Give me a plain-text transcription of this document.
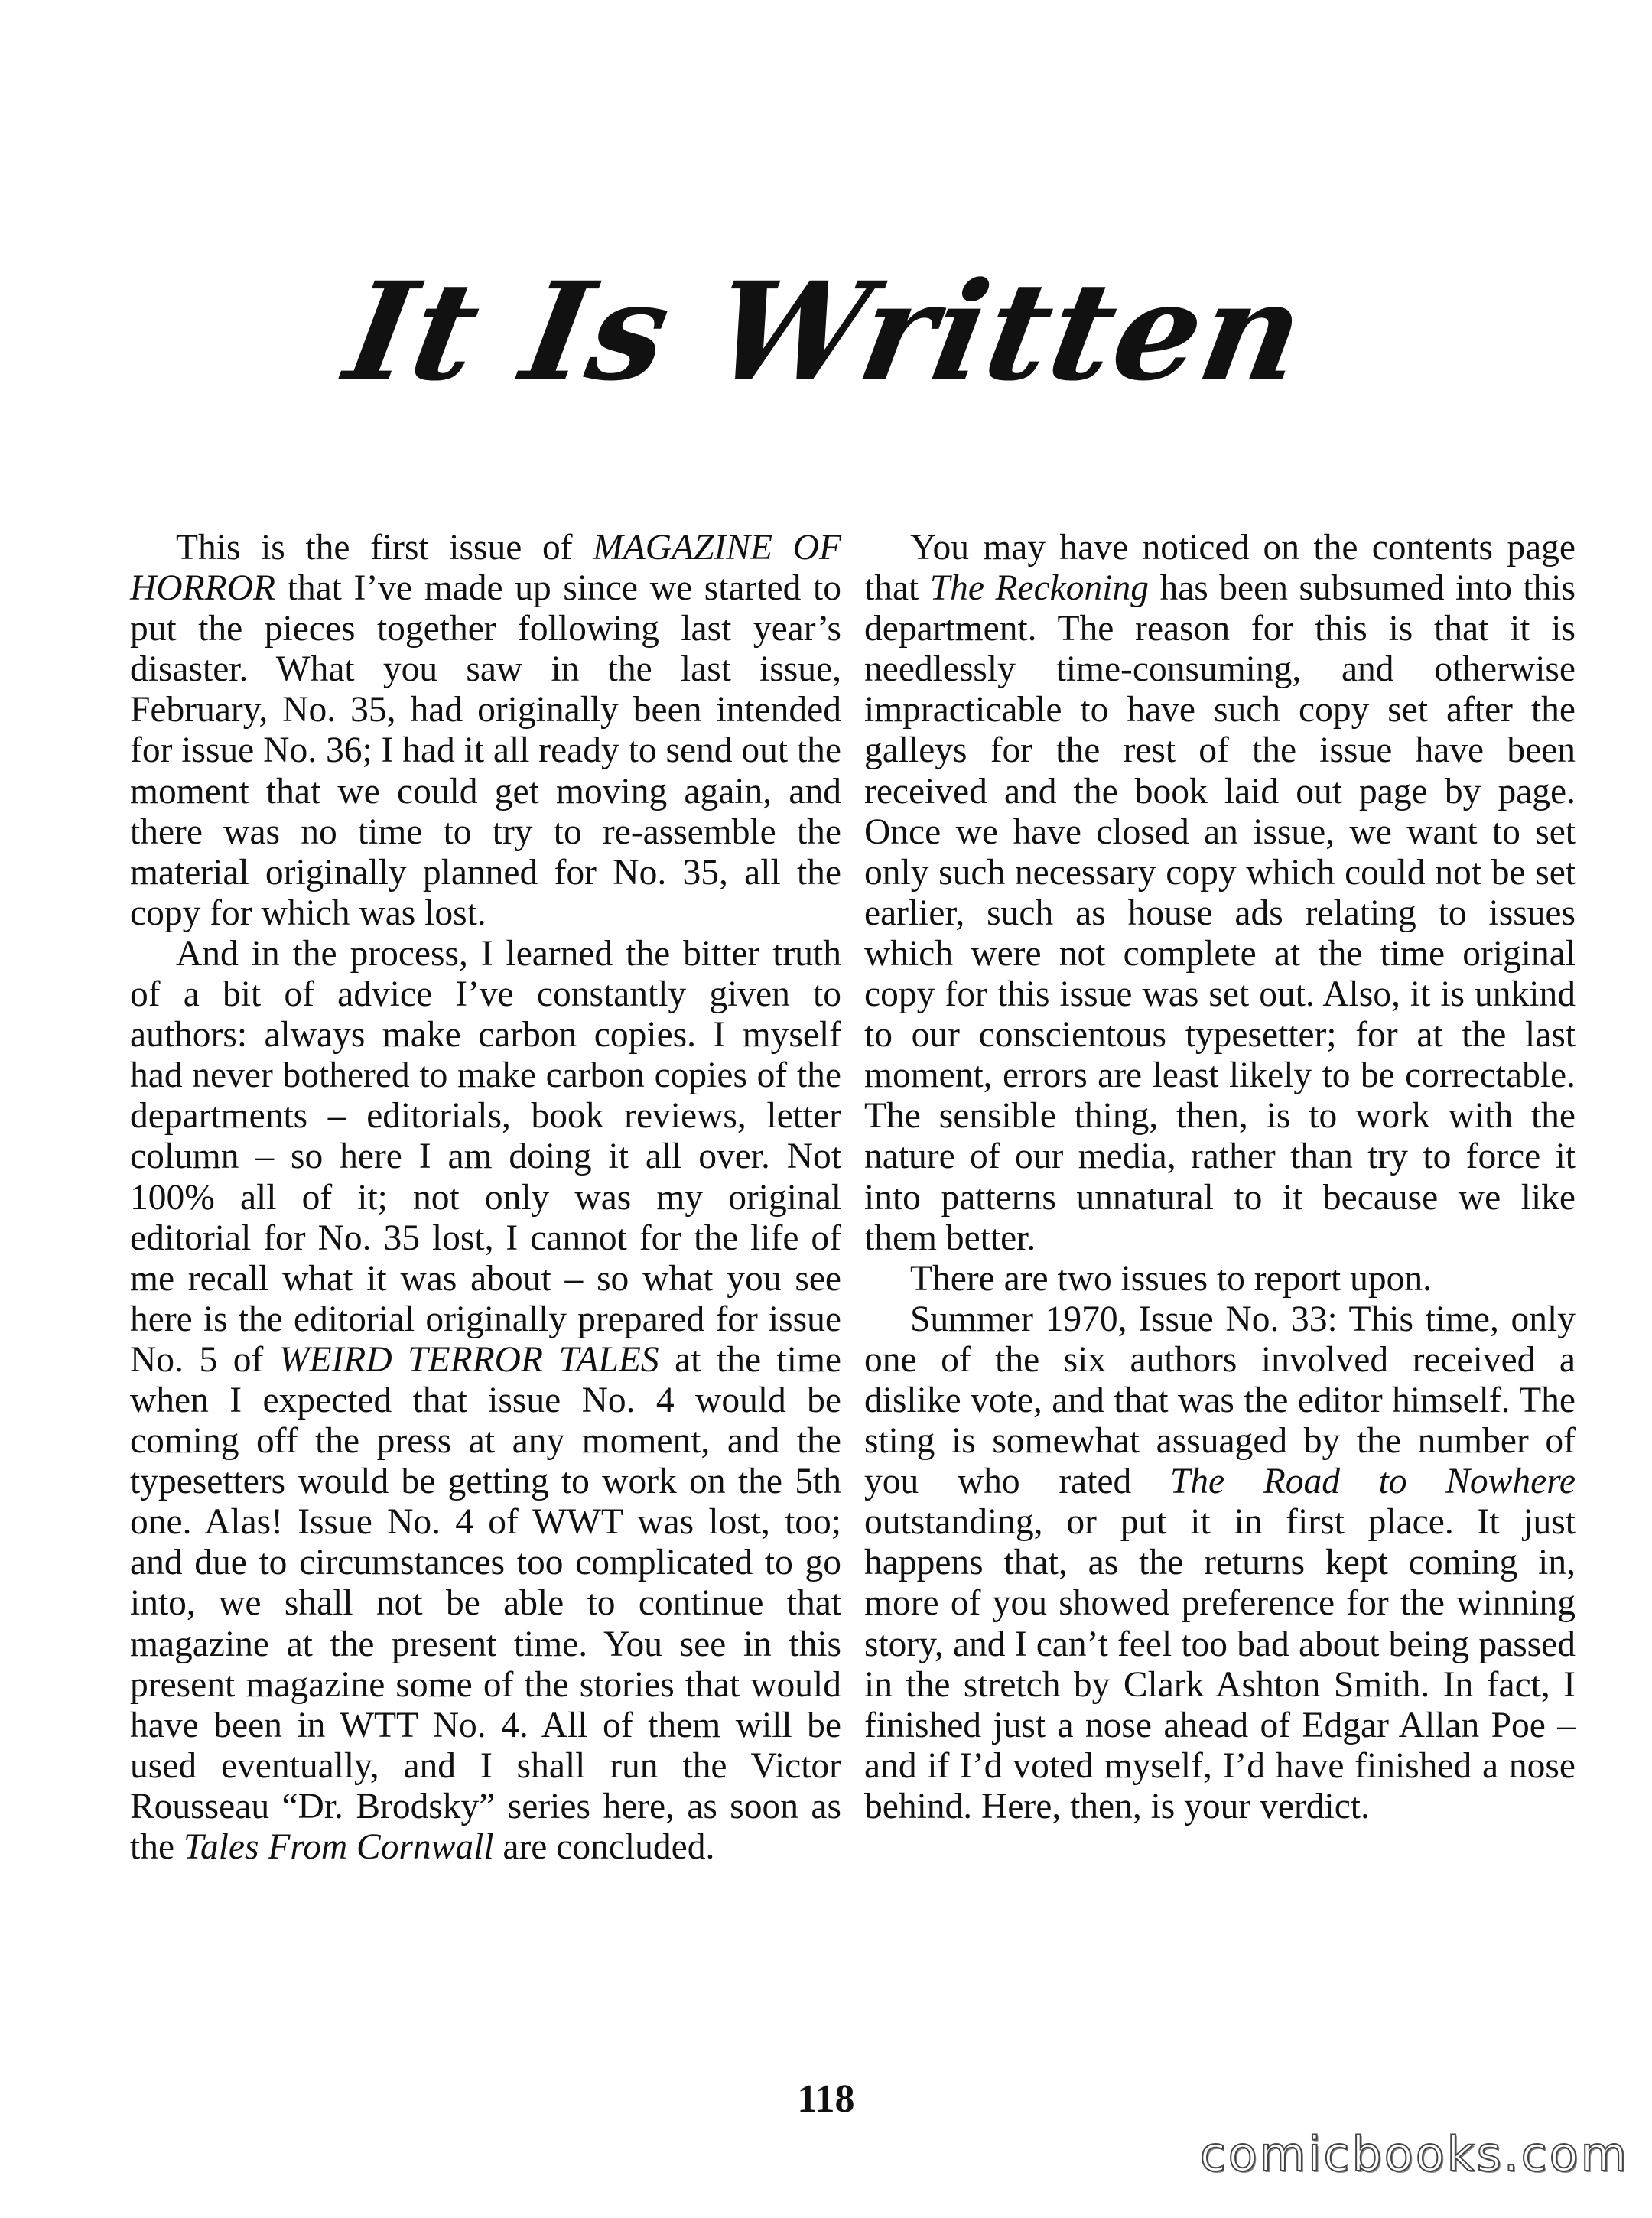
It Is Written

This is the first issue of MAGAZINE OF HORROR that I’ve made up since we started to put the pieces together following last year’s disaster. What you saw in the last issue, February, No. 35, had originally been intended for issue No. 36; I had it all ready to send out the moment that we could get moving again, and there was no time to try to re-assemble the material originally planned for No. 35, all the copy for which was lost.

And in the process, I learned the bitter truth of a bit of advice I’ve constantly given to authors: always make carbon copies. I myself had never bothered to make carbon copies of the departments – editorials, book reviews, letter column – so here I am doing it all over. Not 100% all of it; not only was my original editorial for No. 35 lost, I cannot for the life of me recall what it was about – so what you see here is the editorial originally prepared for issue No. 5 of WEIRD TERROR TALES at the time when I expected that issue No. 4 would be coming off the press at any moment, and the typesetters would be getting to work on the 5th one. Alas! Issue No. 4 of WWT was lost, too; and due to circumstances too complicated to go into, we shall not be able to continue that magazine at the present time. You see in this present magazine some of the stories that would have been in WTT No. 4. All of them will be used eventually, and I shall run the Victor Rousseau “Dr. Brodsky” series here, as soon as the Tales From Cornwall are concluded.

You may have noticed on the contents page that The Reckoning has been subsumed into this department. The reason for this is that it is needlessly time-consuming, and otherwise impracticable to have such copy set after the galleys for the rest of the issue have been received and the book laid out page by page. Once we have closed an issue, we want to set only such necessary copy which could not be set earlier, such as house ads relating to issues which were not complete at the time original copy for this issue was set out. Also, it is unkind to our conscientous typesetter; for at the last moment, errors are least likely to be correctable. The sensible thing, then, is to work with the nature of our media, rather than try to force it into patterns unnatural to it because we like them better.

There are two issues to report upon.

Summer 1970, Issue No. 33: This time, only one of the six authors involved received a dislike vote, and that was the editor himself. The sting is somewhat assuaged by the number of you who rated The Road to Nowhere outstanding, or put it in first place. It just happens that, as the returns kept coming in, more of you showed preference for the winning story, and I can’t feel too bad about being passed in the stretch by Clark Ashton Smith. In fact, I finished just a nose ahead of Edgar Allan Poe – and if I’d voted myself, I’d have finished a nose behind. Here, then, is your verdict.

118
comicbooks.com
